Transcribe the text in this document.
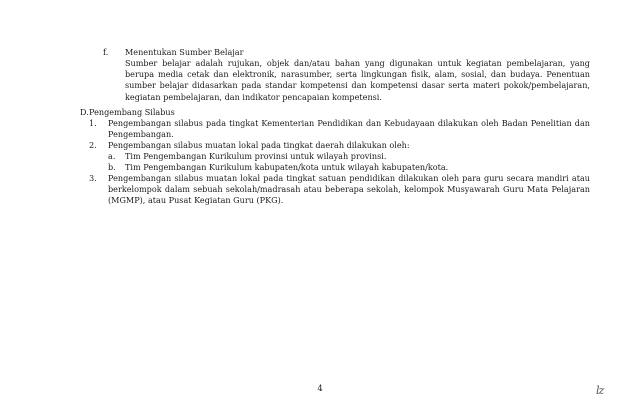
f. Menentukan Sumber Belajar
Sumber belajar adalah rujukan, objek dan/atau bahan yang digunakan untuk kegiatan pembelajaran, yang berupa media cetak dan elektronik, narasumber, serta lingkungan fisik, alam, sosial, dan budaya. Penentuan sumber belajar didasarkan pada standar kompetensi dan kompetensi dasar serta materi pokok/pembelajaran, kegiatan pembelajaran, dan indikator pencapaian kompetensi.
D. Pengembang Silabus
1. Pengembangan silabus pada tingkat Kementerian Pendidikan dan Kebudayaan dilakukan oleh Badan Penelitian dan Pengembangan.
2. Pengembangan silabus muatan lokal pada tingkat daerah dilakukan oleh:
a. Tim Pengembangan Kurikulum provinsi untuk wilayah provinsi.
b. Tim Pengembangan Kurikulum kabupaten/kota untuk wilayah kabupaten/kota.
3. Pengembangan silabus muatan lokal pada tingkat satuan pendidikan dilakukan oleh para guru secara mandiri atau berkelompok dalam sebuah sekolah/madrasah atau beberapa sekolah, kelompok Musyawarah Guru Mata Pelajaran (MGMP), atau Pusat Kegiatan Guru (PKG).
4	lz
